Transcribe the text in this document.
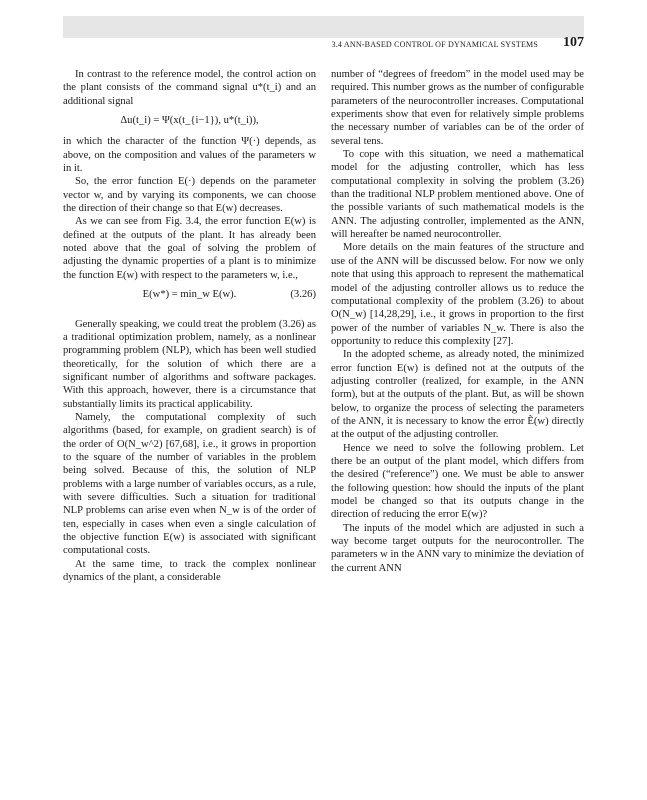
3.4 ANN-BASED CONTROL OF DYNAMICAL SYSTEMS 107

In contrast to the reference model, the control action on the plant consists of the command signal u*(t_i) and an additional signal

Δu(t_i) = Ψ(x(t_{i−1}), u*(t_i)),

in which the character of the function Ψ(·) depends, as above, on the composition and values of the parameters w in it.

So, the error function E(·) depends on the parameter vector w, and by varying its components, we can choose the direction of their change so that E(w) decreases.

As we can see from Fig. 3.4, the error function E(w) is defined at the outputs of the plant. It has already been noted above that the goal of solving the problem of adjusting the dynamic properties of a plant is to minimize the function E(w) with respect to the parameters w, i.e.,

E(w*) = min_w E(w).	(3.26)

Generally speaking, we could treat the problem (3.26) as a traditional optimization problem, namely, as a nonlinear programming problem (NLP), which has been well studied theoretically, for the solution of which there are a significant number of algorithms and software packages. With this approach, however, there is a circumstance that substantially limits its practical applicability.

Namely, the computational complexity of such algorithms (based, for example, on gradient search) is of the order of O(N_w^2) [67,68], i.e., it grows in proportion to the square of the number of variables in the problem being solved. Because of this, the solution of NLP problems with a large number of variables occurs, as a rule, with severe difficulties. Such a situation for traditional NLP problems can arise even when N_w is of the order of ten, especially in cases when even a single calculation of the objective function E(w) is associated with significant computational costs.

At the same time, to track the complex nonlinear dynamics of the plant, a considerable

number of “degrees of freedom” in the model used may be required. This number grows as the number of configurable parameters of the neurocontroller increases. Computational experiments show that even for relatively simple problems the necessary number of variables can be of the order of several tens.

To cope with this situation, we need a mathematical model for the adjusting controller, which has less computational complexity in solving the problem (3.26) than the traditional NLP problem mentioned above. One of the possible variants of such mathematical models is the ANN. The adjusting controller, implemented as the ANN, will hereafter be named neurocontroller.

More details on the main features of the structure and use of the ANN will be discussed below. For now we only note that using this approach to represent the mathematical model of the adjusting controller allows us to reduce the computational complexity of the problem (3.26) to about O(N_w) [14,28,29], i.e., it grows in proportion to the first power of the number of variables N_w. There is also the opportunity to reduce this complexity [27].

In the adopted scheme, as already noted, the minimized error function E(w) is defined not at the outputs of the adjusting controller (realized, for example, in the ANN form), but at the outputs of the plant. But, as will be shown below, to organize the process of selecting the parameters of the ANN, it is necessary to know the error Ẽ(w) directly at the output of the adjusting controller.

Hence we need to solve the following problem. Let there be an output of the plant model, which differs from the desired (“reference”) one. We must be able to answer the following question: how should the inputs of the plant model be changed so that its outputs change in the direction of reducing the error E(w)?

The inputs of the model which are adjusted in such a way become target outputs for the neurocontroller. The parameters w in the ANN vary to minimize the deviation of the current ANN
